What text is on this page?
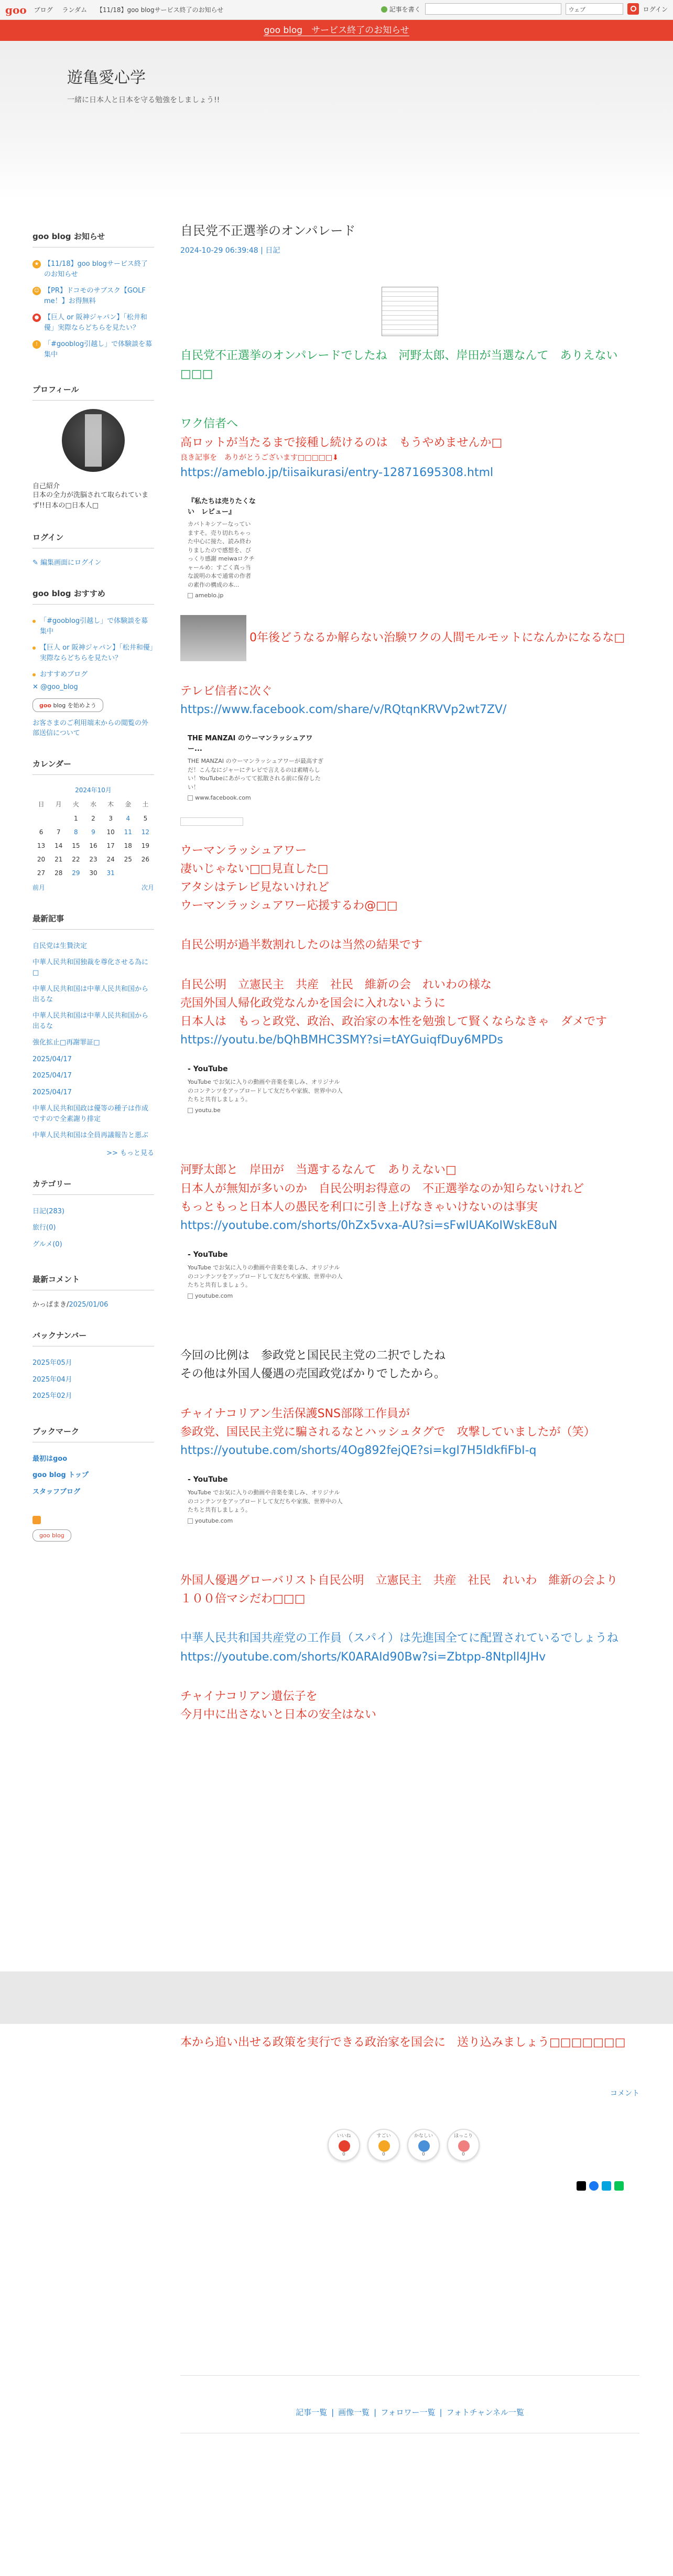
goo ブログ ランダム 【11/18】goo blogサービス終了のお知らせ	記事を書く	ウェブ	ログイン
goo blog　サービス終了のお知らせ
遊亀愛心学
一緒に日本人と日本を守る勉強をしましょう!!
goo blog お知らせ
★ 【11/18】goo blogサービス終了のお知らせ
☺ 【PR】ドコモのサブスク【GOLF me！】お得無料
● 【巨人 or 阪神ジャパン】「松井和優」実際ならどちらを見たい？
! 「#gooblog引越し」で体験談を募集中
プロフィール
自己紹介
日本の全力が洗脳されて取られていまず!!日本の□日本人□
ログイン
✎ 編集画面にログイン
goo blog おすすめ
「#gooblog引越し」で体験談を募集中
【巨人 or 阪神ジャパン】「松井和優」実際ならどちらを見たい？
おすすめブログ
✕ @goo_blog
goo blog を始めよう
お客さまのご利用端末からの閲覧の外部送信について
カレンダー
2024年10月
日	月	火	水	木	金	土
		1	2	3	4	5
6	7	8	9	10	11	12
13	14	15	16	17	18	19
20	21	22	23	24	25	26
27	28	29	30	31		
前月	次月
最新記事
自民党は生贄決定
中華人民共和国独裁を尊化させる為に□
中華人民共和国は中華人民共和国から出るな
中華人民共和国は中華人民共和国から出るな
強化拡止□再謝罪証□
2025/04/17
2025/04/17
2025/04/17
中華人民共和国政は優等の種子は作成ですので全素謝り排定
中華人民共和国は全員再議報告と悪ぶ
>> もっと見る
カテゴリー
日記(283)
旅行(0)
グルメ(0)
最新コメント
かっぱまき/2025/01/06
バックナンバー
2025年05月
2025年04月
2025年02月
ブックマーク
最初はgoo
goo blog トップ
スタッフブログ
goo blog
自民党不正選挙のオンパレード
2024-10-29 06:39:48 | 日記
自民党不正選挙のオンパレードでしたね　河野太郎、岸田が当選なんて　ありえない□□□
ワク信者へ
高ロットが当たるまで接種し続けるのは　もうやめませんか□
良き記事を　ありがとうございます□□□□□⬇
https://ameblo.jp/tiisaikurasi/entry-12871695308.html
『私たちは売りたくない　レビュー』
カバトキシアーなっていますそ。売り切れちゃった中心に接た、読み終わりましたので感想を、びっくり感謝 meiwaロクチャールめ：すごく真っ当な説明の本で通常の作者の素作の構成の本...
ameblo.jp
0年後どうなるか解らない治験ワクの人間モルモットになんかになるな□
テレビ信者に次ぐ
https://www.facebook.com/share/v/RQtqnKRVVp2wt7ZV/
THE MANZAI のウーマンラッシュアワー...
THE MANZAI のウーマンラッシュアワーが最高すぎだ！こんなにジャーにテレビで言えるのは素晴らしい！YouTubeにあがってて拡散される前に保存したい！
www.facebook.com
ウーマンラッシュアワー
凄いじゃない□□見直した□
アタシはテレビ見ないけれど
ウーマンラッシュアワー応援するわ@□□
自民公明が過半数割れしたのは当然の結果です
自民公明　立憲民主　共産　社民　維新の会　れいわの様な
売国外国人帰化政党なんかを国会に入れないように
日本人は　もっと政党、政治、政治家の本性を勉強して賢くならなきゃ　ダメです
https://youtu.be/bQhBMHC3SMY?si=tAYGuiqfDuy6MPDs
- YouTube
YouTube でお気に入りの動画や音楽を楽しみ、オリジナルのコンテンツをアップロードして友だちや家族、世界中の人たちと共有しましょう。
youtu.be
河野太郎と　岸田が　当選するなんて　ありえない□
日本人が無知が多いのか　自民公明お得意の　不正選挙なのか知らないけれど
もっともっと日本人の愚民を利口に引き上げなきゃいけないのは事実
https://youtube.com/shorts/0hZx5vxa-AU?si=sFwIUAKoIWskE8uN
- YouTube
YouTube でお気に入りの動画や音楽を楽しみ、オリジナルのコンテンツをアップロードして友だちや家族、世界中の人たちと共有しましょう。
youtube.com
今回の比例は　参政党と国民民主党の二択でしたね
その他は外国人優遇の売国政党ばかりでしたから。
チャイナコリアン生活保護SNS部隊工作員が
参政党、国民民主党に騙されるなとハッシュタグで　攻撃していましたが（笑）
https://youtube.com/shorts/4Og892fejQE?si=kgI7H5IdkfiFbI-q
- YouTube
YouTube でお気に入りの動画や音楽を楽しみ、オリジナルのコンテンツをアップロードして友だちや家族、世界中の人たちと共有しましょう。
youtube.com
外国人優遇グローバリスト自民公明　立憲民主　共産　社民　れいわ　維新の会より
１００倍マシだわ□□□
中華人民共和国共産党の工作員（スパイ）は先進国全てに配置されているでしょうね
https://youtube.com/shorts/K0ARAId90Bw?si=Zbtpp-8Ntpll4JHv
チャイナコリアン遺伝子を
今月中に出さないと日本の安全はない
本から追い出せる政策を実行できる政治家を国会に　送り込みましょう□□□□□□□
コメント
いいね
0
すごい
0
かなしい
0
ほっこり
0
記事一覧 | 画像一覧 | フォロワー一覧 | フォトチャンネル一覧
